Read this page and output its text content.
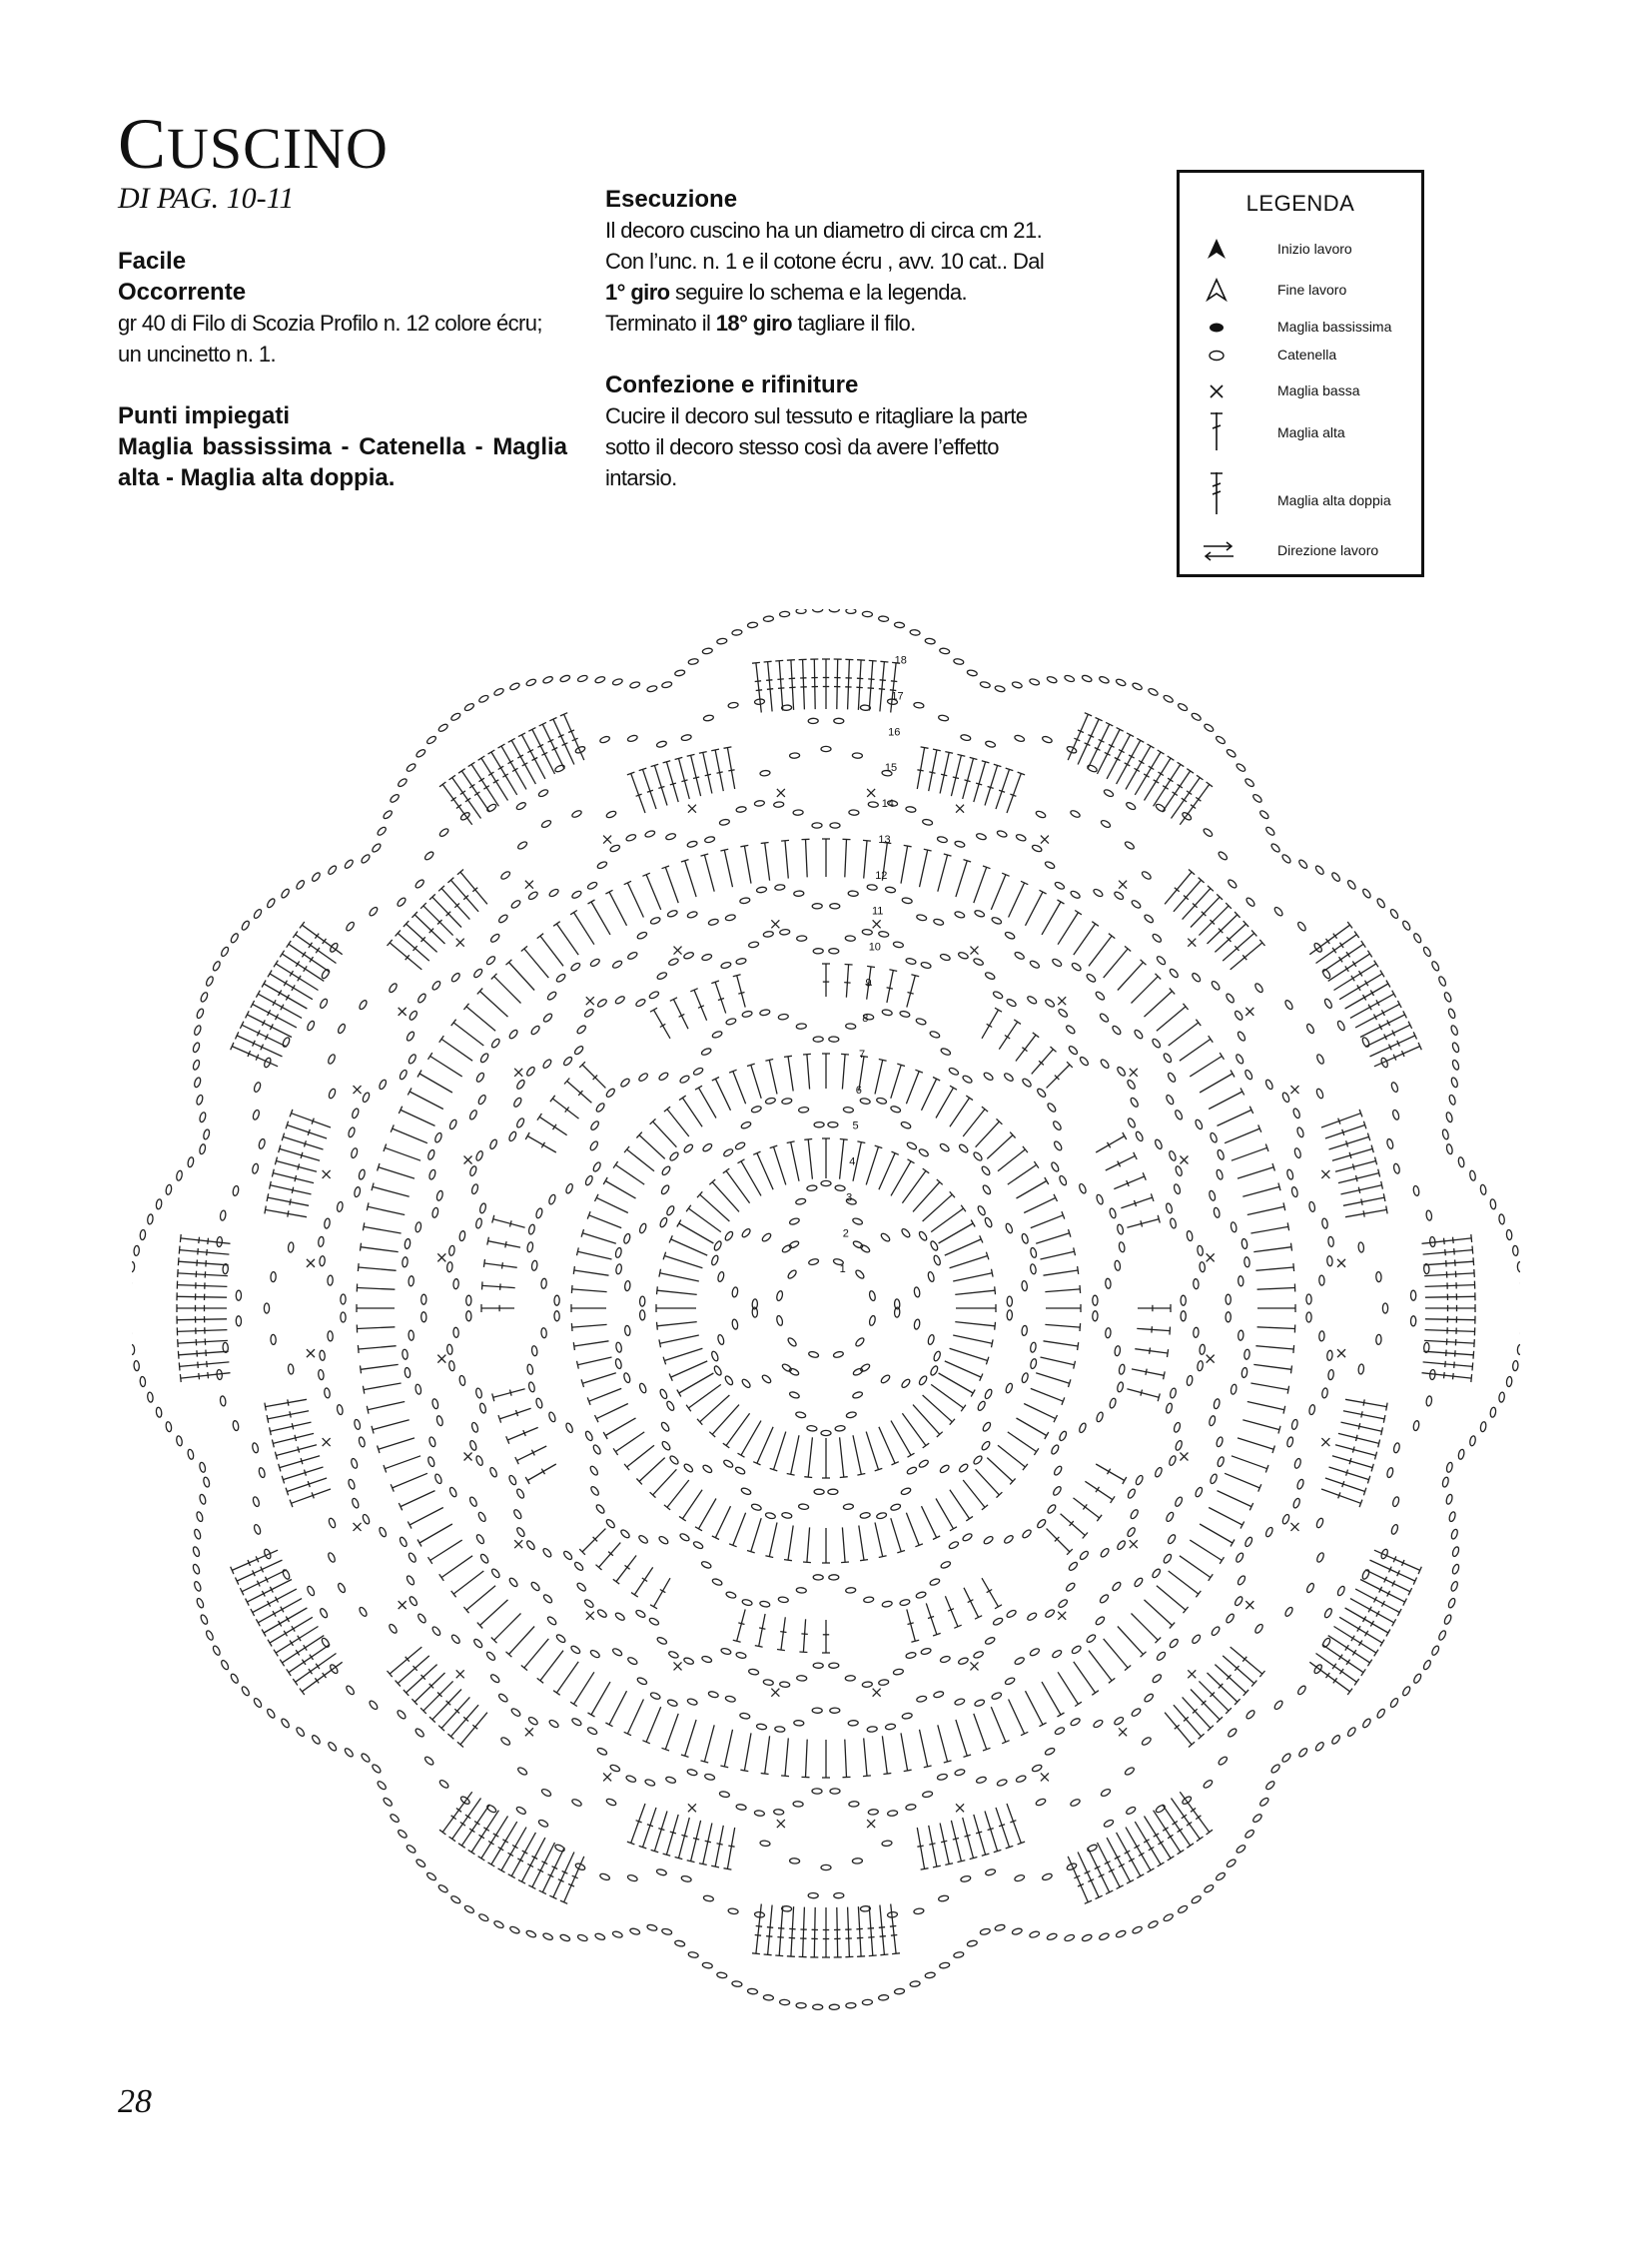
CUSCINO
DI PAG. 10-11

Facile

Occorrente

gr 40 di Filo di Scozia Profilo n. 12 colore écru; un uncinetto n. 1.

Punti impiegati

Maglia bassissima - Catenella - Maglia alta - Maglia alta doppia.

Esecuzione

Il decoro cuscino ha un diametro di circa cm 21. Con l’unc. n. 1 e il cotone écru , avv. 10 cat.. Dal 1° giro seguire lo schema e la legenda. Terminato il 18° giro tagliare il filo.

Confezione e rifiniture

Cucire il decoro sul tessuto e ritagliare la parte sotto il decoro stesso così da avere l’effetto intarsio.

LEGENDA
Inizio lavoro
Fine lavoro
Maglia bassissima
Catenella
Maglia bassa
Maglia alta
Maglia alta doppia
Direzione lavoro
1
2
3
4
5
6
7
8
9
10
11
12
13
14
15
16
17
18
28
